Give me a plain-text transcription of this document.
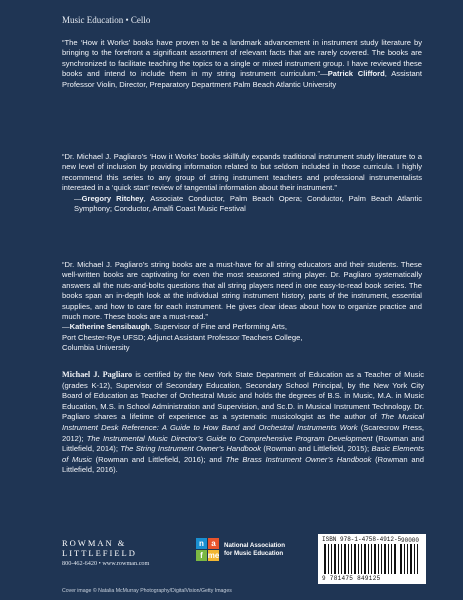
Music Education • Cello

“The ‘How it Works’ books have proven to be a landmark advancement in instrument study literature by bringing to the forefront a significant assortment of relevant facts that are rarely covered. The books are synchronized to facilitate teaching the topics to a single or mixed instrument group. I have reviewed these books and intend to include them in my string instrument curriculum.”—Patrick Clifford, Assistant Professor Violin, Director, Preparatory Department Palm Beach Atlantic University

“Dr. Michael J. Pagliaro’s ‘How it Works’ books skillfully expands traditional instrument study literature to a new level of inclusion by providing information related to but seldom included in those curricula. I highly recommend this series to any group of string instrument teachers and professional instrumentalists interested in a ‘quick start’ review of tangential information about their instrument.”

—Gregory Ritchey, Associate Conductor, Palm Beach Opera; Conductor, Palm Beach Atlantic Symphony; Conductor, Amalfi Coast Music Festival

“Dr. Michael J. Pagliaro’s string books are a must-have for all string educators and their students. These well-written books are captivating for even the most seasoned string player. Dr. Pagliaro systematically answers all the nuts-and-bolts questions that all string players need in one easy-to-read book series. The books span an in-depth look at the individual string instrument history, parts of the instrument, essential supplies, and how to care for each instrument. He gives clear ideas about how to organize practice and much more. These books are a must-read.”

—Katherine Sensibaugh, Supervisor of Fine and Performing Arts,

Port Chester-Rye UFSD; Adjunct Assistant Professor Teachers College,

Columbia University

Michael J. Pagliaro is certified by the New York State Department of Education as a Teacher of Music (grades K-12), Supervisor of Secondary Education, Secondary School Principal, by the New York City Board of Education as Teacher of Orchestral Music and holds the degrees of B.S. in Music, M.A. in Music Education, M.S. in School Administration and Supervision, and Sc.D. in Musical Instrument Technology. Dr. Pagliaro shares a lifetime of experience as a systematic musicologist as the author of The Musical Instrument Desk Reference: A Guide to How Band and Orchestral Instruments Work (Scarecrow Press, 2012); The Instrumental Music Director’s Guide to Comprehensive Program Development (Rowman and Littlefield, 2014); The String Instrument Owner’s Handbook (Rowman and Littlefield, 2015); Basic Elements of Music (Rowman and Littlefield, 2016); and The Brass Instrument Owner’s Handbook (Rowman and Littlefield, 2016).
ROWMAN &
LITTLEFIELD
800-462-6420 • www.rowman.com
n a
f me
National Association
for Music Education
ISBN 978-1-4758-4912-5 90000
9 781475 849125
Cover image © Natalia McMurray Photography/DigitalVision/Getty Images
